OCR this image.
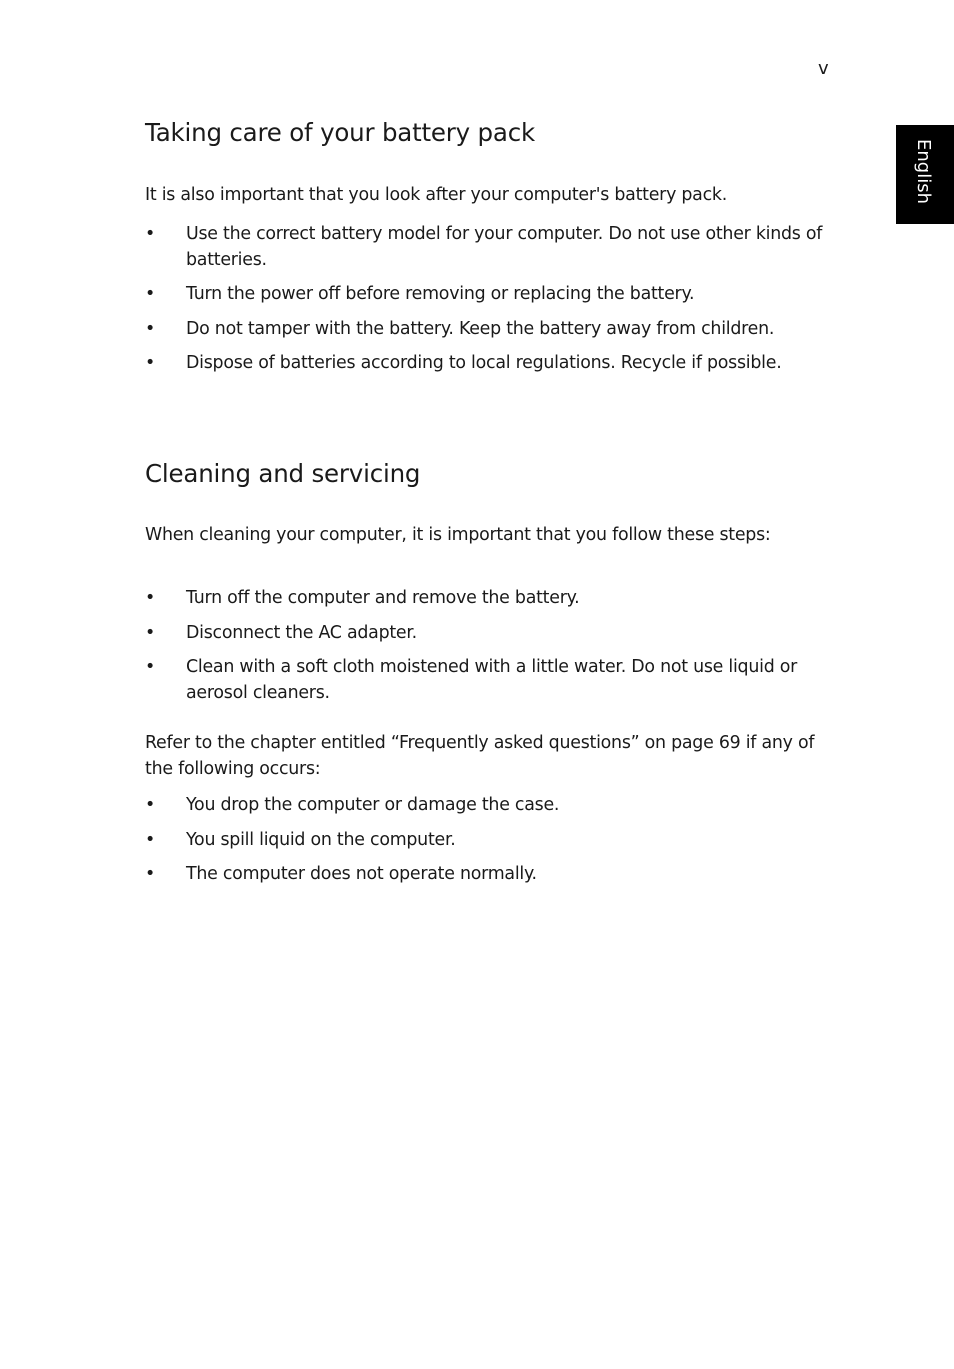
v
English
Taking care of your battery pack

It is also important that you look after your computer's battery pack.

• Use the correct battery model for your computer. Do not use other kinds of batteries.
• Turn the power off before removing or replacing the battery.
• Do not tamper with the battery. Keep the battery away from children.
• Dispose of batteries according to local regulations. Recycle if possible.
Cleaning and servicing

When cleaning your computer, it is important that you follow these steps:

• Turn off the computer and remove the battery.
• Disconnect the AC adapter.
• Clean with a soft cloth moistened with a little water. Do not use liquid or aerosol cleaners.

Refer to the chapter entitled “Frequently asked questions” on page 69 if any of the following occurs:

• You drop the computer or damage the case.
• You spill liquid on the computer.
• The computer does not operate normally.
